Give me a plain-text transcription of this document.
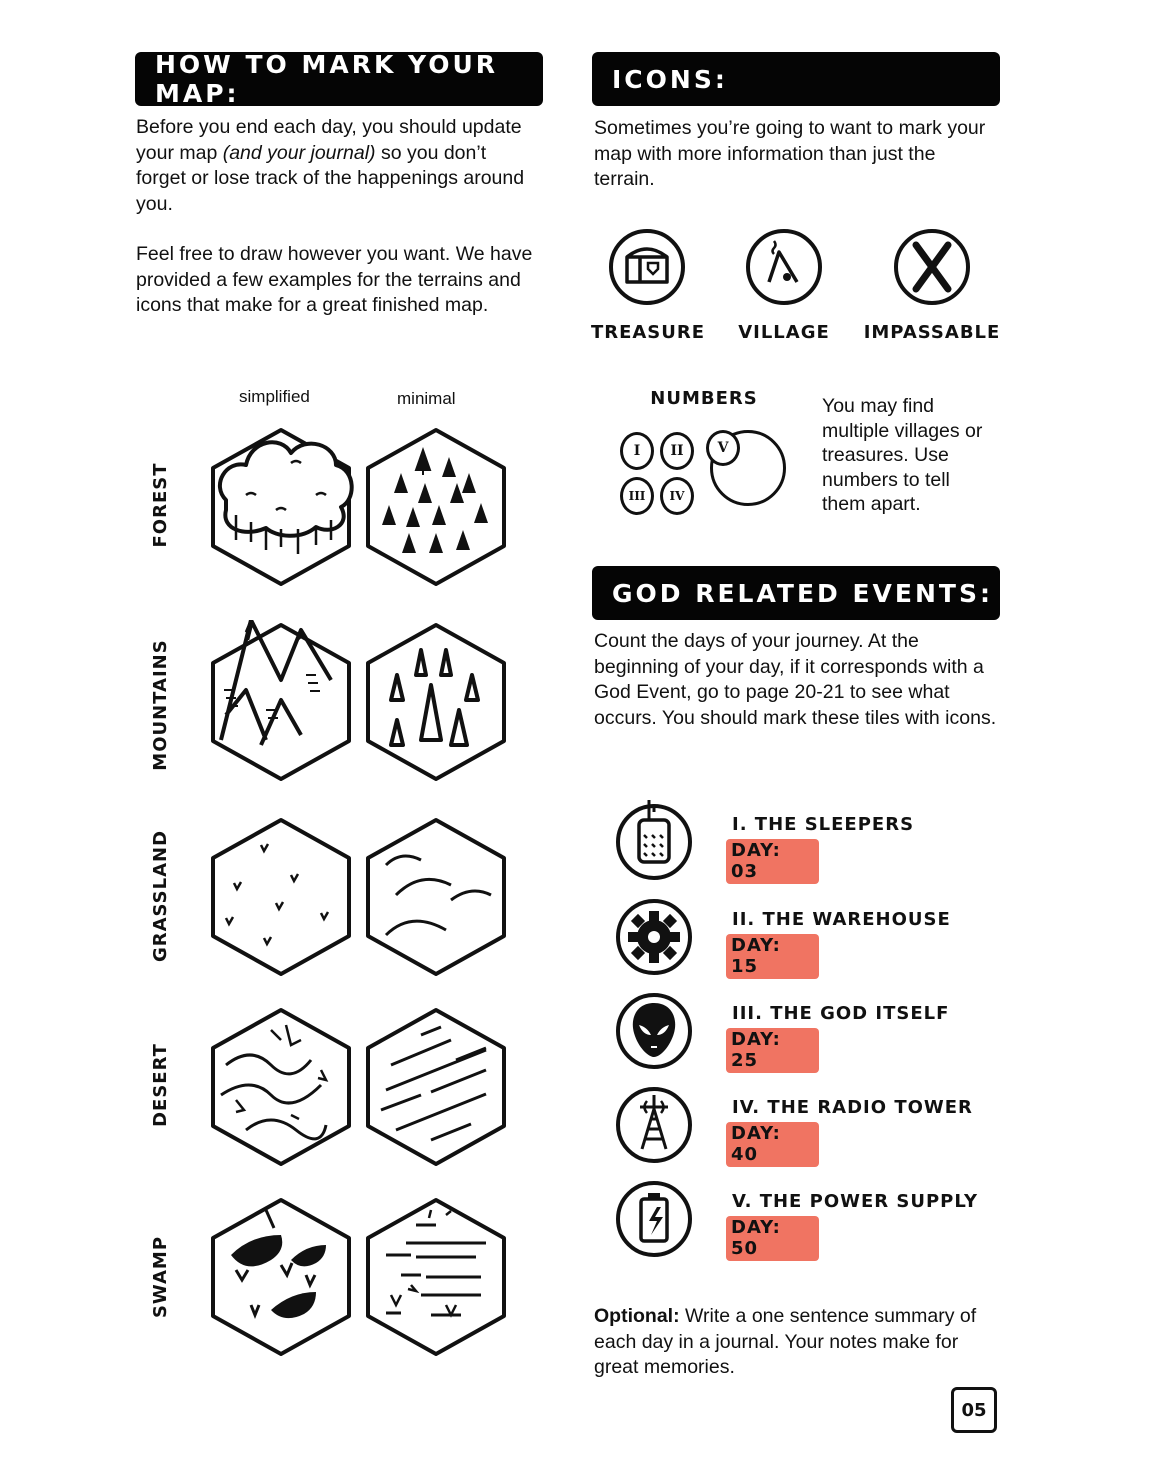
HOW TO MARK YOUR MAP:

Before you end each day, you should update your map (and your journal) so you don’t forget or lose track of the happenings around you.

Feel free to draw however you want. We have provided a few examples for the terrains and icons that make for a great finished map.

simplified	minimal
FOREST
MOUNTAINS
GRASSLAND
DESERT
SWAMP
ICONS:
Sometimes you’re going to want to mark your map with more information than just the terrain.
TREASURE	VILLAGE	IMPASSABLE
NUMBERS
I II
III IV
V
You may find multiple villages or treasures. Use numbers to tell them apart.
GOD RELATED EVENTS:
Count the days of your journey. At the beginning of your day, if it corresponds with a God Event, go to page 20-21 to see what occurs. You should mark these tiles with icons.
I. THE SLEEPERS
DAY: 03
II. THE WAREHOUSE
DAY: 15
III. THE GOD ITSELF
DAY: 25
IV. THE RADIO TOWER
DAY: 40
V. THE POWER SUPPLY
DAY: 50
Optional: Write a one sentence summary of each day in a journal. Your notes make for great memories.
05
